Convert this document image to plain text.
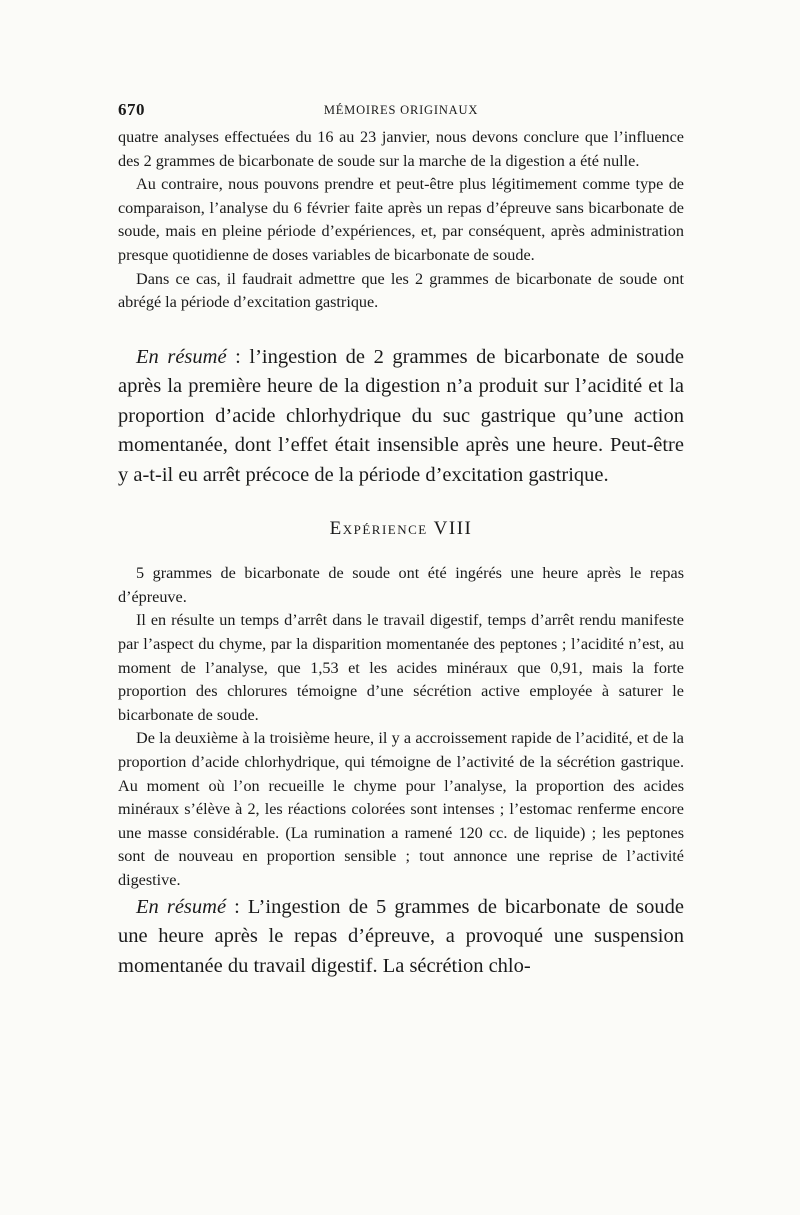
670	MÉMOIRES ORIGINAUX

quatre analyses effectuées du 16 au 23 janvier, nous devons conclure que l’influence des 2 grammes de bicarbonate de soude sur la marche de la digestion a été nulle.

Au contraire, nous pouvons prendre et peut-être plus légitimement comme type de comparaison, l’analyse du 6 février faite après un repas d’épreuve sans bicarbonate de soude, mais en pleine période d’expériences, et, par conséquent, après administration presque quotidienne de doses variables de bicarbonate de soude.

Dans ce cas, il faudrait admettre que les 2 grammes de bicarbonate de soude ont abrégé la période d’excitation gastrique.

En résumé : l’ingestion de 2 grammes de bicarbonate de soude après la première heure de la digestion n’a produit sur l’acidité et la proportion d’acide chlorhydrique du suc gastrique qu’une action momentanée, dont l’effet était insensible après une heure. Peut-être y a-t-il eu arrêt précoce de la période d’excitation gastrique.

Expérience VIII

5 grammes de bicarbonate de soude ont été ingérés une heure après le repas d’épreuve.

Il en résulte un temps d’arrêt dans le travail digestif, temps d’arrêt rendu manifeste par l’aspect du chyme, par la disparition momentanée des peptones ; l’acidité n’est, au moment de l’analyse, que 1,53 et les acides minéraux que 0,91, mais la forte proportion des chlorures témoigne d’une sécrétion active employée à saturer le bicarbonate de soude.

De la deuxième à la troisième heure, il y a accroissement rapide de l’acidité, et de la proportion d’acide chlorhydrique, qui témoigne de l’activité de la sécrétion gastrique. Au moment où l’on recueille le chyme pour l’analyse, la proportion des acides minéraux s’élève à 2, les réactions colorées sont intenses ; l’estomac renferme encore une masse considérable. (La rumination a ramené 120 cc. de liquide) ; les peptones sont de nouveau en proportion sensible ; tout annonce une reprise de l’activité digestive.

En résumé : L’ingestion de 5 grammes de bicarbonate de soude une heure après le repas d’épreuve, a provoqué une suspension momentanée du travail digestif. La sécrétion chlo-
